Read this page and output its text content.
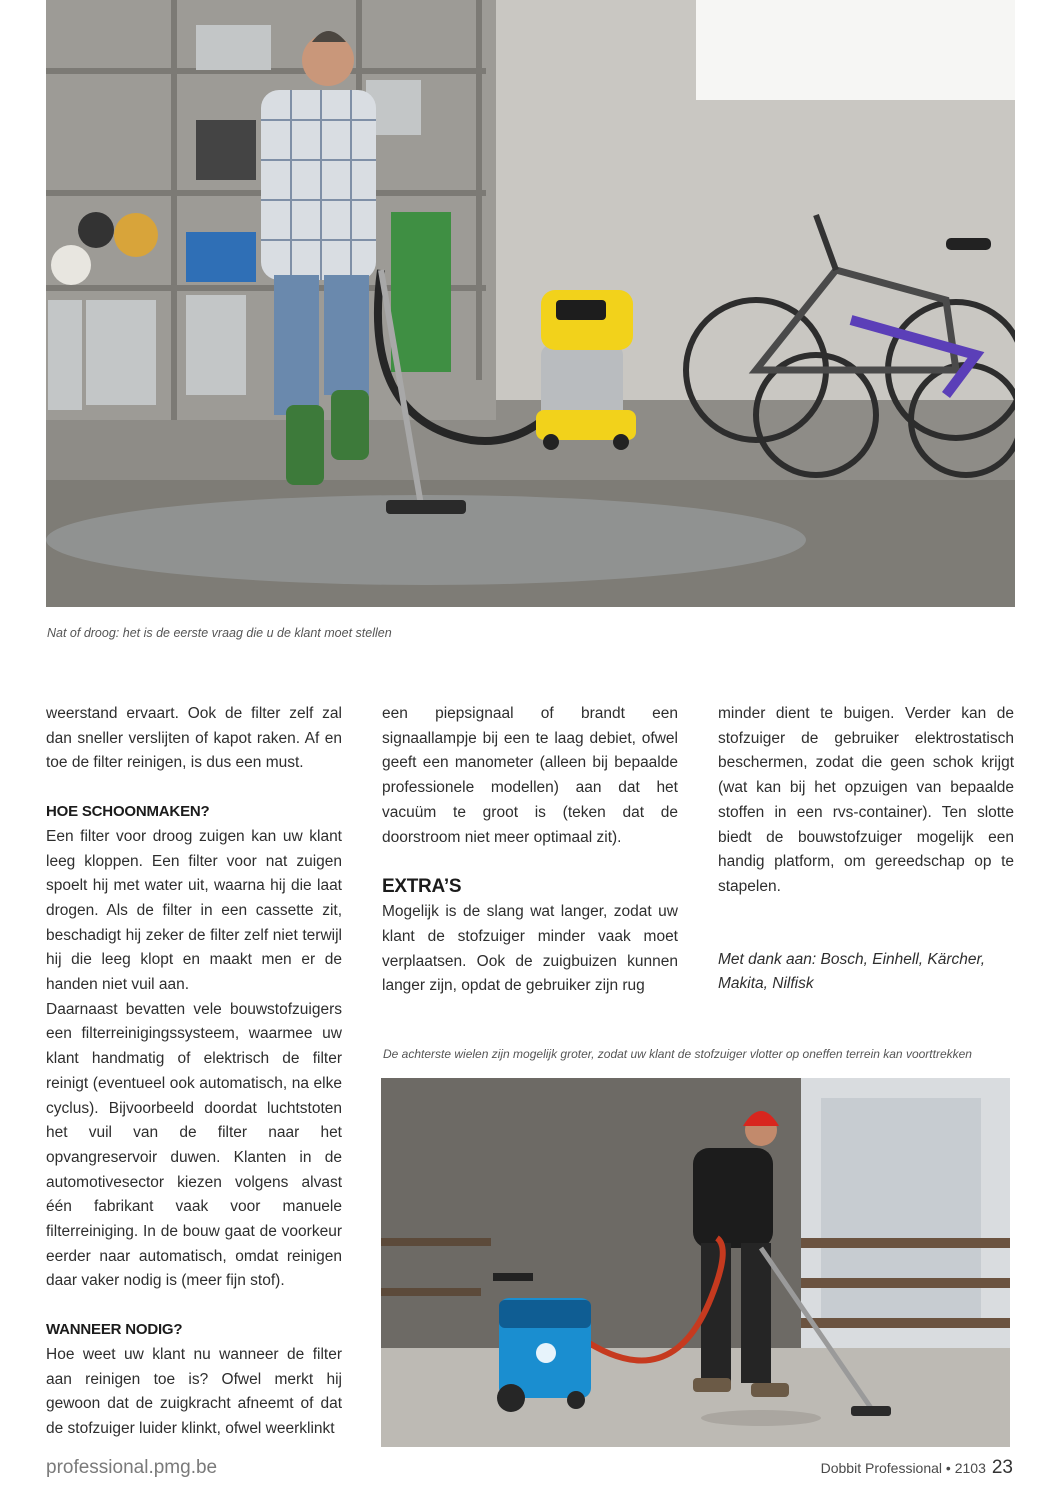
Nat of droog: het is de eerste vraag die u de klant moet stellen

weerstand ervaart. Ook de filter zelf zal dan sneller verslijten of kapot raken. Af en toe de filter reinigen, is dus een must.

HOE SCHOONMAKEN?

Een filter voor droog zuigen kan uw klant leeg kloppen. Een filter voor nat zuigen spoelt hij met water uit, waarna hij die laat drogen. Als de filter in een cassette zit, beschadigt hij zeker de filter zelf niet terwijl hij die leeg klopt en maakt men er de handen niet vuil aan.

Daarnaast bevatten vele bouwstofzuigers een filterreinigingssysteem, waarmee uw klant handmatig of elektrisch de filter reinigt (eventueel ook automatisch, na elke cyclus). Bijvoorbeeld doordat luchtstoten het vuil van de filter naar het opvangreservoir duwen. Klanten in de automotivesector kiezen volgens alvast één fabrikant vaak voor manuele filterreiniging. In de bouw gaat de voorkeur eerder naar automatisch, omdat reinigen daar vaker nodig is (meer fijn stof).

WANNEER NODIG?

Hoe weet uw klant nu wanneer de filter aan reinigen toe is? Ofwel merkt hij gewoon dat de zuigkracht afneemt of dat de stofzuiger luider klinkt, ofwel weerklinkt

een piepsignaal of brandt een signaallampje bij een te laag debiet, ofwel geeft een manometer (alleen bij bepaalde professionele modellen) aan dat het vacuüm te groot is (teken dat de doorstroom niet meer optimaal zit).

EXTRA’S

Mogelijk is de slang wat langer, zodat uw klant de stofzuiger minder vaak moet verplaatsen. Ook de zuigbuizen kunnen langer zijn, opdat de gebruiker zijn rug

minder dient te buigen. Verder kan de stofzuiger de gebruiker elektrostatisch beschermen, zodat die geen schok krijgt (wat kan bij het opzuigen van bepaalde stoffen in een rvs-container). Ten slotte biedt de bouwstofzuiger mogelijk een handig platform, om gereedschap op te stapelen.

Met dank aan: Bosch, Einhell, Kärcher, Makita, Nilfisk

De achterste wielen zijn mogelijk groter, zodat uw klant de stofzuiger vlotter op oneffen terrein kan voorttrekken
professional.pmg.be	Dobbit Professional • 2103 23
